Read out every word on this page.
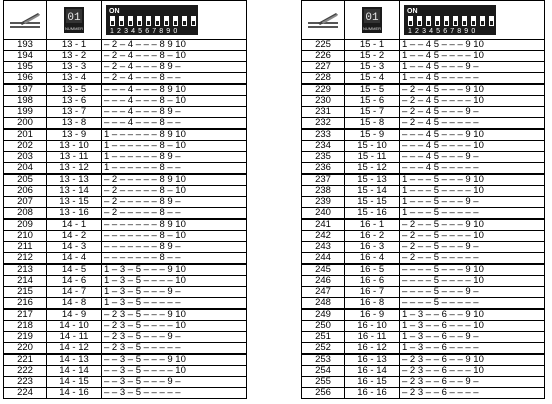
01
NUMMER	ON
1 2 3 4 5 6 7 8 9 0

193	13 - 1	– 2 – 4 – – – 8 9 10
194	13 - 2	– 2 – 4 – – – 8 – 10
195	13 - 3	– 2 – 4 – – – 8 9 –
196	13 - 4	– 2 – 4 – – – 8 – –
197	13 - 5	– – – 4 – – – 8 9 10
198	13 - 6	– – – 4 – – – 8 – 10
199	13 - 7	– – – 4 – – – 8 9 –
200	13 - 8	– – – 4 – – – 8 – –
201	13 - 9	1 – – – – – – 8 9 10
202	13 - 10	1 – – – – – – 8 – 10
203	13 - 11	1 – – – – – – 8 9 –
204	13 - 12	1 – – – – – – 8 – –
205	13 - 13	– 2 – – – – – 8 9 10
206	13 - 14	– 2 – – – – – 8 – 10
207	13 - 15	– 2 – – – – – 8 9 –
208	13 - 16	– 2 – – – – – 8 – –
209	14 - 1	– – – – – – – 8 9 10
210	14 - 2	– – – – – – – 8 – 10
211	14 - 3	– – – – – – – 8 9 –
212	14 - 4	– – – – – – – 8 – –
213	14 - 5	1 – 3 – 5 – – – 9 10
214	14 - 6	1 – 3 – 5 – – – – 10
215	14 - 7	1 – 3 – 5 – – – 9 –
216	14 - 8	1 – 3 – 5 – – – – –
217	14 - 9	– 2 3 – 5 – – – 9 10
218	14 - 10	– 2 3 – 5 – – – – 10
219	14 - 11	– 2 3 – 5 – – – 9 –
220	14 - 12	– 2 3 – 5 – – – – –
221	14 - 13	– – 3 – 5 – – – 9 10
222	14 - 14	– – 3 – 5 – – – – 10
223	14 - 15	– – 3 – 5 – – – 9 –
224	14 - 16	– – 3 – 5 – – – – –

01
NUMMER	ON
1 2 3 4 5 6 7 8 9 0

225	15 - 1	1 – – 4 5 – – – 9 10
226	15 - 2	1 – – 4 5 – – – – 10
227	15 - 3	1 – – 4 5 – – – 9 –
228	15 - 4	1 – – 4 5 – – – – –
229	15 - 5	– 2 – 4 5 – – – 9 10
230	15 - 6	– 2 – 4 5 – – – – 10
231	15 - 7	– 2 – 4 5 – – – 9 –
232	15 - 8	– 2 – 4 5 – – – – –
233	15 - 9	– – – 4 5 – – – 9 10
234	15 - 10	– – – 4 5 – – – – 10
235	15 - 11	– – – 4 5 – – – 9 –
236	15 - 12	– – – 4 5 – – – – –
237	15 - 13	1 – – – 5 – – – 9 10
238	15 - 14	1 – – – 5 – – – – 10
239	15 - 15	1 – – – 5 – – – 9 –
240	15 - 16	1 – – – 5 – – – – –
241	16 - 1	– 2 – – 5 – – – 9 10
242	16 - 2	– 2 – – 5 – – – – 10
243	16 - 3	– 2 – – 5 – – – 9 –
244	16 - 4	– 2 – – 5 – – – – –
245	16 - 5	– – – – 5 – – – 9 10
246	16 - 6	– – – – 5 – – – – 10
247	16 - 7	– – – – 5 – – – 9 –
248	16 - 8	– – – – 5 – – – – –
249	16 - 9	1 – 3 – – 6 – – 9 10
250	16 - 10	1 – 3 – – 6 – – – 10
251	16 - 11	1 – 3 – – 6 – – 9 –
252	16 - 12	1 – 3 – – 6 – – – –
253	16 - 13	– 2 3 – – 6 – – 9 10
254	16 - 14	– 2 3 – – 6 – – – 10
255	16 - 15	– 2 3 – – 6 – – 9 –
256	16 - 16	– 2 3 – – 6 – – – –
